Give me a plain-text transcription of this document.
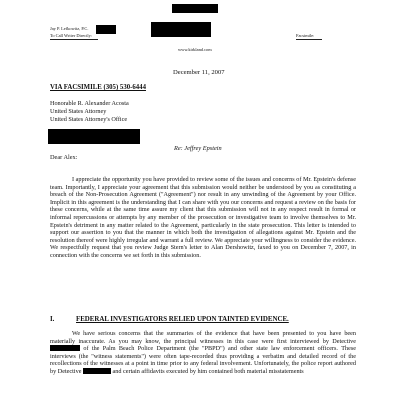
Jay P. Lefkowitz, P.C.
To Call Writer Directly:
www.kirkland.com
Facsimile:
December 11, 2007
VIA FACSIMILE (305) 530-6444
Honorable R. Alexander Acosta
United States Attorney
United States Attorney's Office
Re: Jeffrey Epstein
Dear Alex:

I appreciate the opportunity you have provided to review some of the issues and concerns of Mr. Epstein's defense team. Importantly, I appreciate your agreement that this submission would neither be understood by you as constituting a breach of the Non-Prosecution Agreement ("Agreement") nor result in any unwinding of the Agreement by your Office. Implicit in this agreement is the understanding that I can share with you our concerns and request a review on the basis for these concerns, while at the same time assure my client that this submission will not in any respect result in formal or informal repercussions or attempts by any member of the prosecution or investigative team to involve themselves to Mr. Epstein's detriment in any matter related to the Agreement, particularly in the state prosecution. This letter is intended to support our assertion to you that the manner in which both the investigation of allegations against Mr. Epstein and the resolution thereof were highly irregular and warrant a full review. We appreciate your willingness to consider the evidence. We respectfully request that you review Judge Stern's letter to Alan Dershowitz, faxed to you on December 7, 2007, in connection with the concerns we set forth in this submission.

I.	FEDERAL INVESTIGATORS RELIED UPON TAINTED EVIDENCE.

We have serious concerns that the summaries of the evidence that have been presented to you have been materially inaccurate. As you may know, the principal witnesses in this case were first interviewed by Detective  of the Palm Beach Police Department (the "PBPD") and other state law enforcement officers. These interviews (the "witness statements") were often tape-recorded thus providing a verbatim and detailed record of the recollections of the witnesses at a point in time prior to any federal involvement. Unfortunately, the police report authored by Detective	and certain affidavits executed by him contained both material misstatements
